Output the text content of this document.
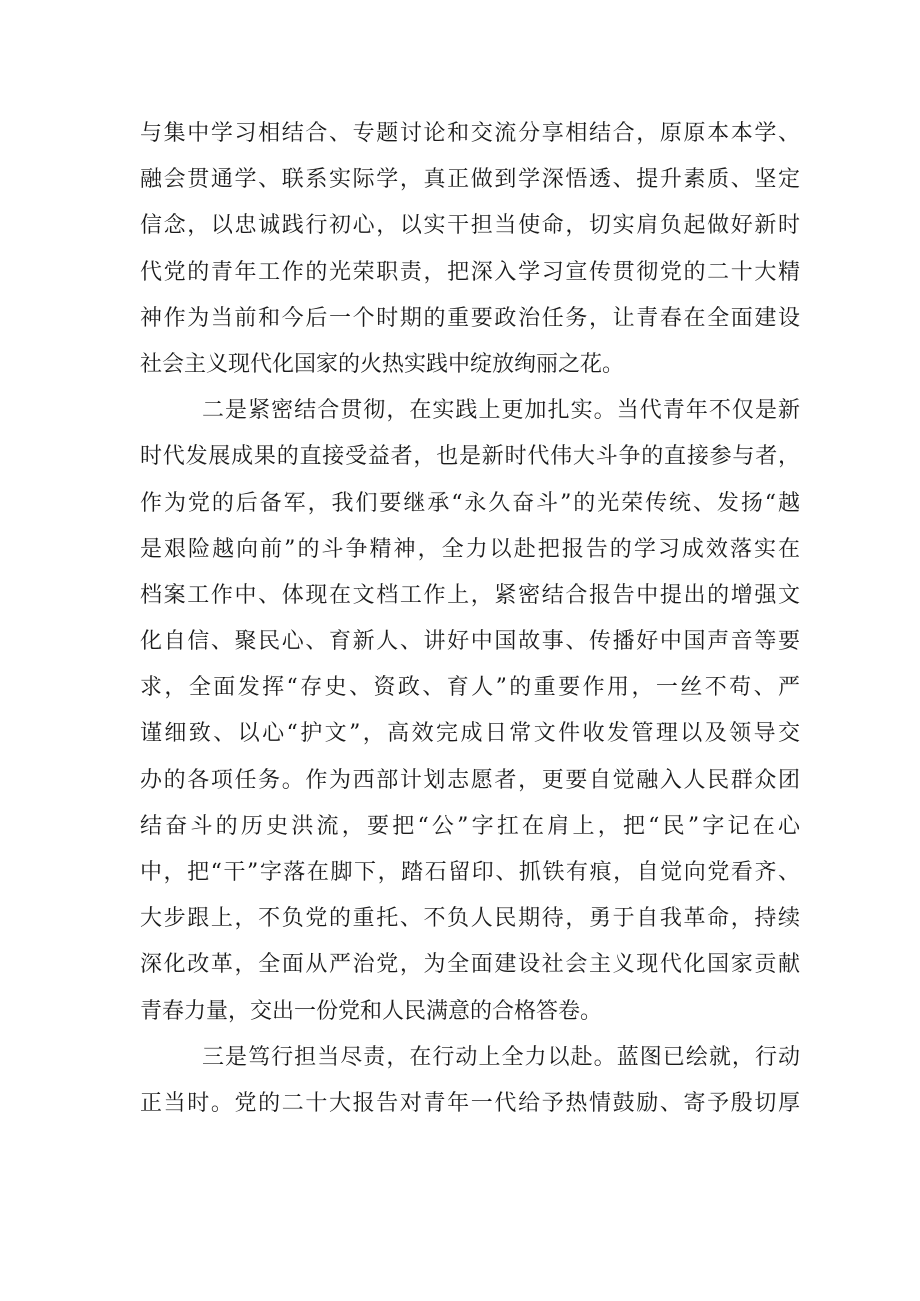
与集中学习相结合、专题讨论和交流分享相结合，原原本本学、
融会贯通学、联系实际学，真正做到学深悟透、提升素质、坚定
信念，以忠诚践行初心，以实干担当使命，切实肩负起做好新时
代党的青年工作的光荣职责，把深入学习宣传贯彻党的二十大精
神作为当前和今后一个时期的重要政治任务，让青春在全面建设
社会主义现代化国家的火热实践中绽放绚丽之花。
二是紧密结合贯彻，在实践上更加扎实。当代青年不仅是新
时代发展成果的直接受益者，也是新时代伟大斗争的直接参与者，
作为党的后备军，我们要继承“永久奋斗”的光荣传统、发扬“越
是艰险越向前”的斗争精神，全力以赴把报告的学习成效落实在
档案工作中、体现在文档工作上，紧密结合报告中提出的增强文
化自信、聚民心、育新人、讲好中国故事、传播好中国声音等要
求，全面发挥“存史、资政、育人”的重要作用，一丝不苟、严
谨细致、以心“护文”，高效完成日常文件收发管理以及领导交
办的各项任务。作为西部计划志愿者，更要自觉融入人民群众团
结奋斗的历史洪流，要把“公”字扛在肩上，把“民”字记在心
中，把“干”字落在脚下，踏石留印、抓铁有痕，自觉向党看齐、
大步跟上，不负党的重托、不负人民期待，勇于自我革命，持续
深化改革，全面从严治党，为全面建设社会主义现代化国家贡献
青春力量，交出一份党和人民满意的合格答卷。
三是笃行担当尽责，在行动上全力以赴。蓝图已绘就，行动
正当时。党的二十大报告对青年一代给予热情鼓励、寄予殷切厚
